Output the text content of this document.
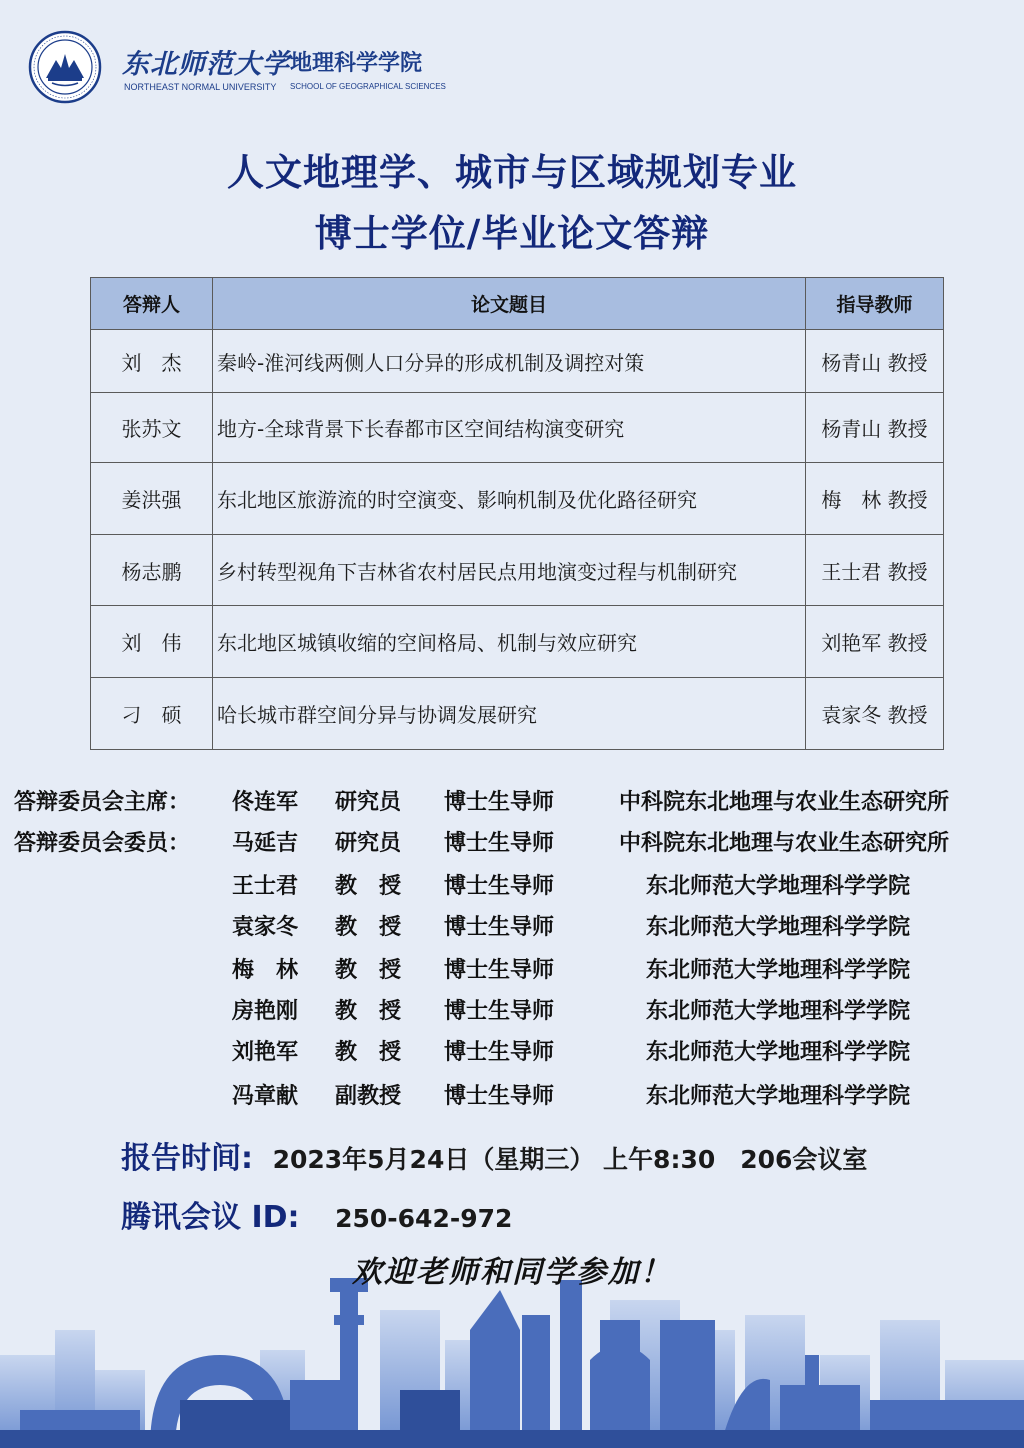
东北师范大学 地理科学学院
NORTHEAST NORMAL UNIVERSITY SCHOOL OF GEOGRAPHICAL SCIENCES
人文地理学、城市与区域规划专业
博士学位/毕业论文答辩
答辩人	论文题目	指导教师
刘　杰	秦岭-淮河线两侧人口分异的形成机制及调控对策	杨青山 教授
张苏文	地方-全球背景下长春都市区空间结构演变研究	杨青山 教授
姜洪强	东北地区旅游流的时空演变、影响机制及优化路径研究	梅　林 教授
杨志鹏	乡村转型视角下吉林省农村居民点用地演变过程与机制研究	王士君 教授
刘　伟	东北地区城镇收缩的空间格局、机制与效应研究	刘艳军 教授
刁　硕	哈长城市群空间分异与协调发展研究	袁家冬 教授
答辩委员会主席： 佟连军 研究员 博士生导师	中科院东北地理与农业生态研究所
答辩委员会委员： 马延吉 研究员 博士生导师	中科院东北地理与农业生态研究所
王士君 教　授 博士生导师	东北师范大学地理科学学院
袁家冬 教　授 博士生导师	东北师范大学地理科学学院
梅　林 教　授 博士生导师	东北师范大学地理科学学院
房艳刚 教　授 博士生导师	东北师范大学地理科学学院
刘艳军 教　授 博士生导师	东北师范大学地理科学学院
冯章献 副教授 博士生导师	东北师范大学地理科学学院
报告时间: 2023年5月24日（星期三） 上午8:30　206会议室
腾讯会议 ID: 250-642-972
欢迎老师和同学参加！
